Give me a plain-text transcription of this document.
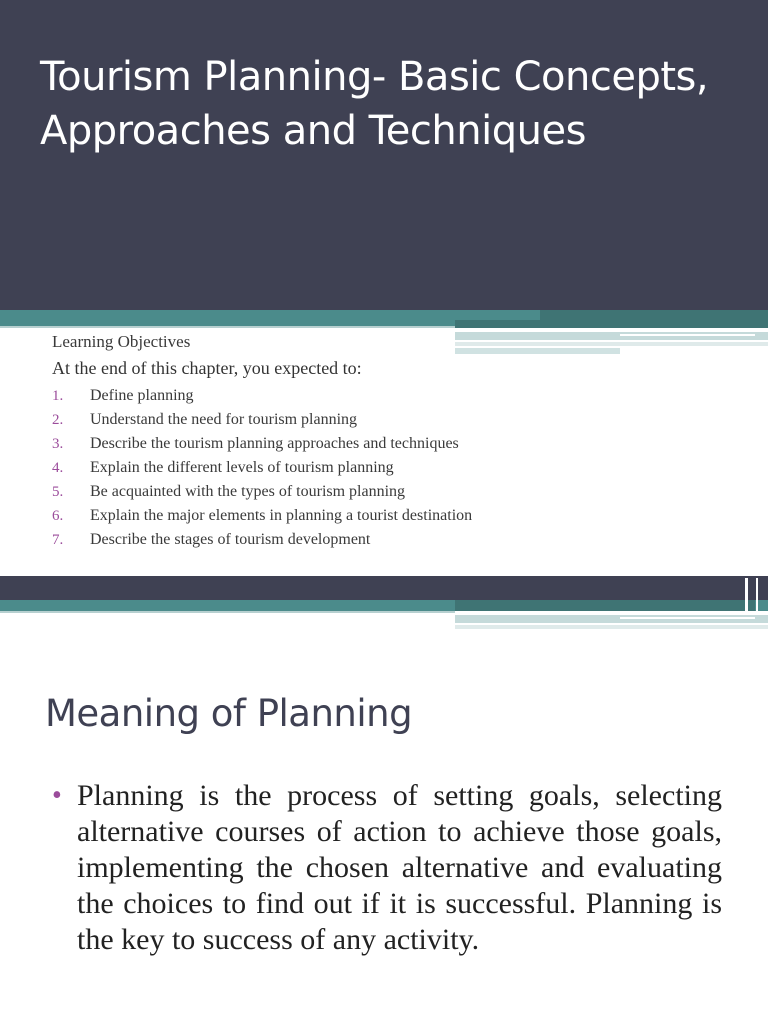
Tourism Planning- Basic Concepts,
Approaches and Techniques

Learning Objectives

At the end of this chapter, you expected to:

1.	Define planning
2.	Understand the need for tourism planning
3.	Describe the tourism planning approaches and techniques
4.	Explain the different levels of tourism planning
5.	Be acquainted with the types of tourism planning
6.	Explain the major elements in planning a tourist destination
7.	Describe the stages of tourism development
Meaning of Planning
• Planning is the process of setting goals, selecting alternative courses of action to achieve those goals, implementing the chosen alternative and evaluating the choices to find out if it is successful. Planning is the key to success of any activity.
